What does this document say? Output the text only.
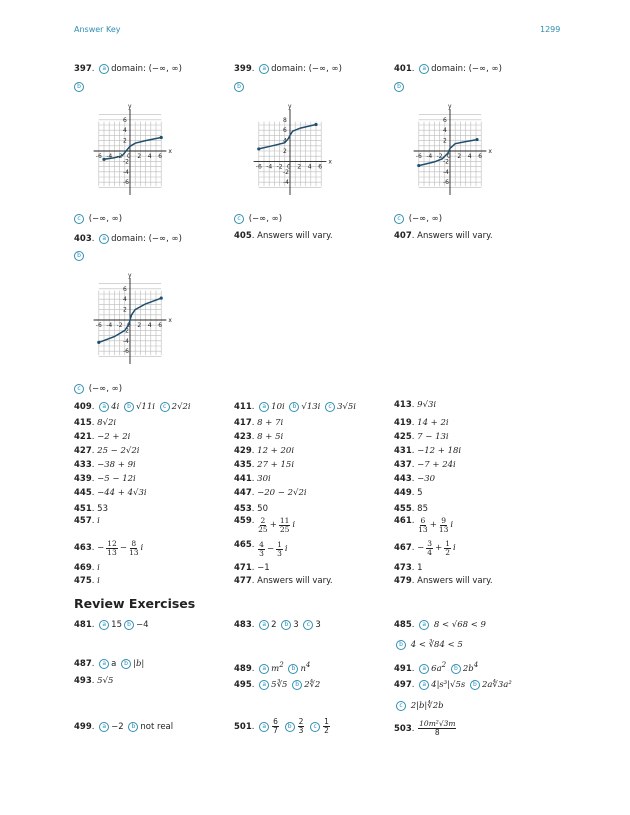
Answer Key	1299
397. a domain: (−∞, ∞)	399. a domain: (−∞, ∞)	401. a domain: (−∞, ∞)
b	b	b
x
y
-6 -4 -2 0 2 4 6
6
4
2
-2
-4
-6
x
y
-6 -4 -2 0 2 4 6
8
6
4
2
-2
-4
x
y
-6 -4 -2 0 2 4 6
6
4
2
-2
-4
-6
c (−∞, ∞)	c (−∞, ∞)	c (−∞, ∞)
403. a domain: (−∞, ∞)	405. Answers will vary.	407. Answers will vary.
b
x
y
-6 -4 -2 0 2 4 6
6
4
2
-2
-4
-6
c (−∞, ∞)
409. a 4i b √11i c 2√2i	411. a 10i b √13i c 3√5i	413. 9√3i
415. 8√2i	417. 8 + 7i	419. 14 + 2i
421. −2 + 2i	423. 8 + 5i	425. 7 − 13i
427. 25 − 2√2i	429. 12 + 20i	431. −12 + 18i
433. −38 + 9i	435. 27 + 15i	437. −7 + 24i
439. −5 − 12i	441. 30i	443. −30
445. −44 + 4√3i	447. −20 − 2√2i	449. 5
451. 53	453. 50	455. 85
457. i	459. $\frac{2}{25} + \frac{11}{25}$ i	461. $\frac{6}{13} + \frac{9}{13}$ i
463. − $\frac{12}{13} - \frac{8}{13}$ i	465. $\frac{4}{3} - \frac{1}{3}$ i	467. − $\frac{3}{4} + \frac{1}{2}$ i
469. i	471. −1	473. 1
475. i	477. Answers will vary.	479. Answers will vary.
Review Exercises
481. a 15 b −4	483. a 2 b 3 c 3	485. a 8 < √68 < 9
b 4 < ∛84 < 5
487. a a b |b|	489. a $m^2$ b $n^4$	491. a $6a^2$ b $2b^4$
493. 5√5	495. a 5∛5 b 2∜2	497. a 4|s³|√5s b 2a∜3a²
c 2|b|∜2b
499. a −2 b not real	501. a $\frac{6}{7}$ b $\frac{2}{3}$ c $\frac{1}{2}$	503. $\frac{\text{10m²√3m}}{8}$
